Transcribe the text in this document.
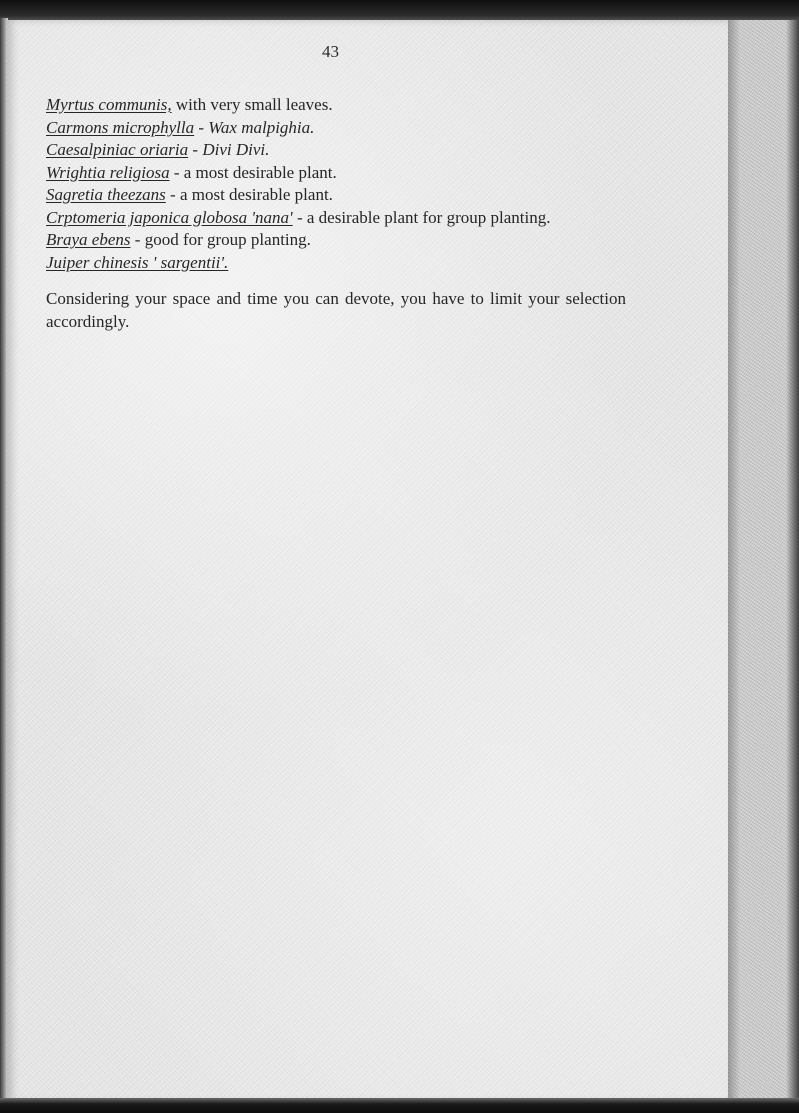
43
Myrtus communis, with very small leaves.
Carmons microphylla - Wax malpighia.
Caesalpiniac oriaria - Divi Divi.
Wrightia religiosa - a most desirable plant.
Sagretia theezans - a most desirable plant.
Crptomeria japonica globosa 'nana' - a desirable plant for group planting.
Braya ebens - good for group planting.
Juiper chinesis ' sargentii'.

Considering your space and time you can devote, you have to limit your selection accordingly.
